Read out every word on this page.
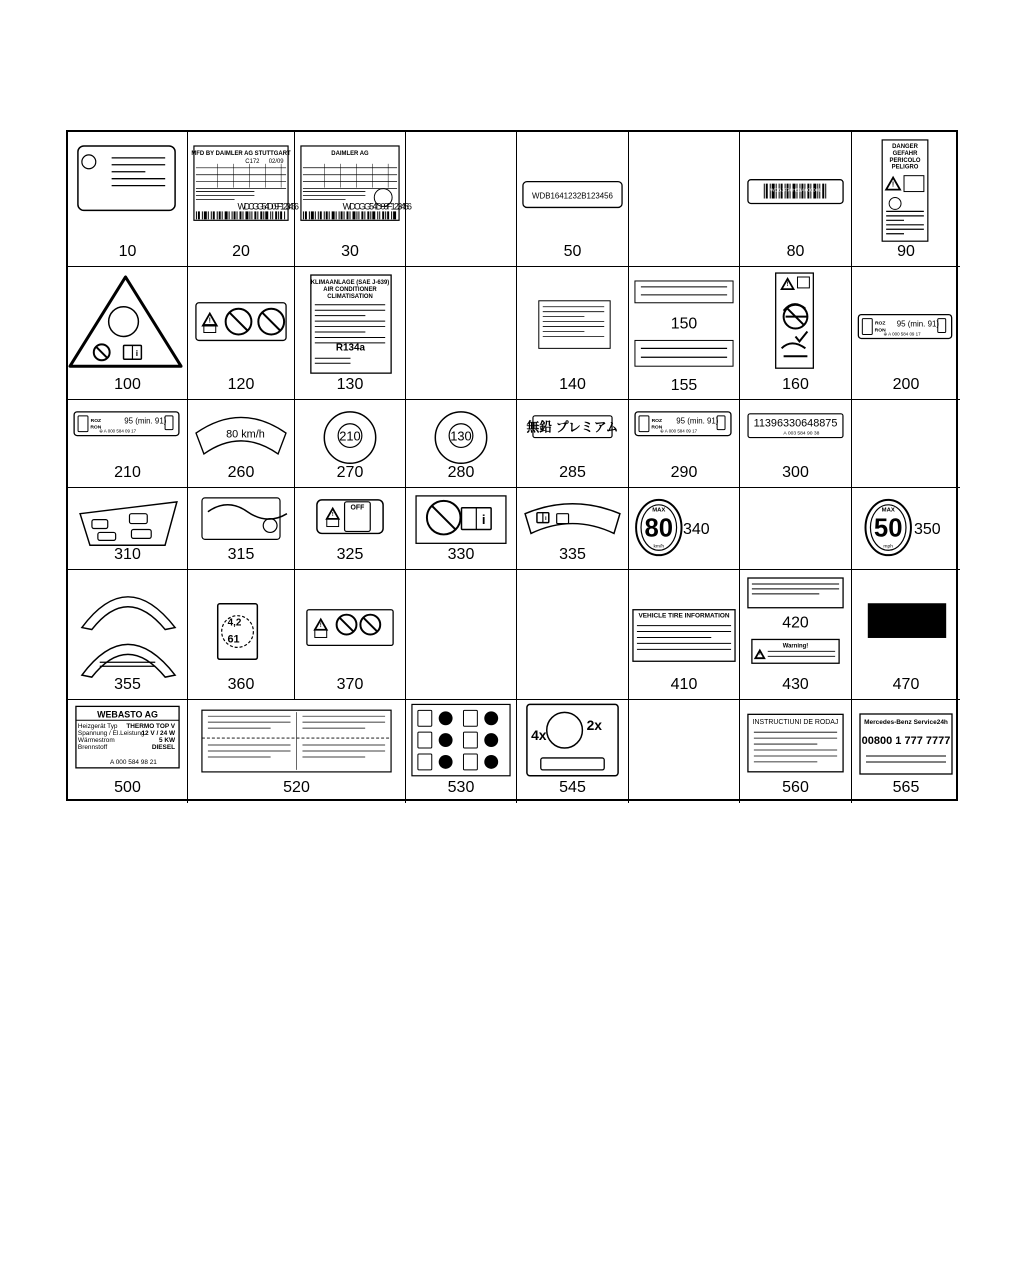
10
MFD BY DAIMLER AG STUTTGART
C172 02/09
WDCGG54D09F123456
20
DAIMLER AG
WDCGG54D09F123456
30
WDB1641232B123456
50
WDBJF70H51A000001
80
DANGER
GEFAHR
PERICOLO
PELIGRO
!
90
i
100
!
120
KLIMAANLAGE (SAE J-639)
AIR CONDITIONER
CLIMATISATION
R134a
130	140
150
155
!
160
ROZ
RON
95 (min. 91)
⊕ A 000 584 09 17
200
ROZ
RON
95 (min. 91)
⊕ A 000 584 09 17
210
80 km/h
260
210
270
130
280
無鉛 プレミアム
285
ROZ
RON
95 (min. 91)
⊕ A 000 584 09 17
290
11396330648875
A 003 584 90 38
300
310	315
!
OFF
325
i
330
i
335
MAX
80
km/h
340
MAX
50
mph
350
355
4,2
61
360
!
370
VEHICLE TIRE INFORMATION
410
420
Warning!
!
430	470
WEBASTO AG
Heizgerät Typ THERMO TOP V
Spannung / El.Leistung
12 V / 24 W
Wärmestrom	5 KW
Brennstoff	DIESEL
A 000 584 98 21
500	520	530
4x
2x
545
INSTRUCTIUNI DE RODAJ
560
Mercedes-Benz Service24h
00800 1 777 7777
565
